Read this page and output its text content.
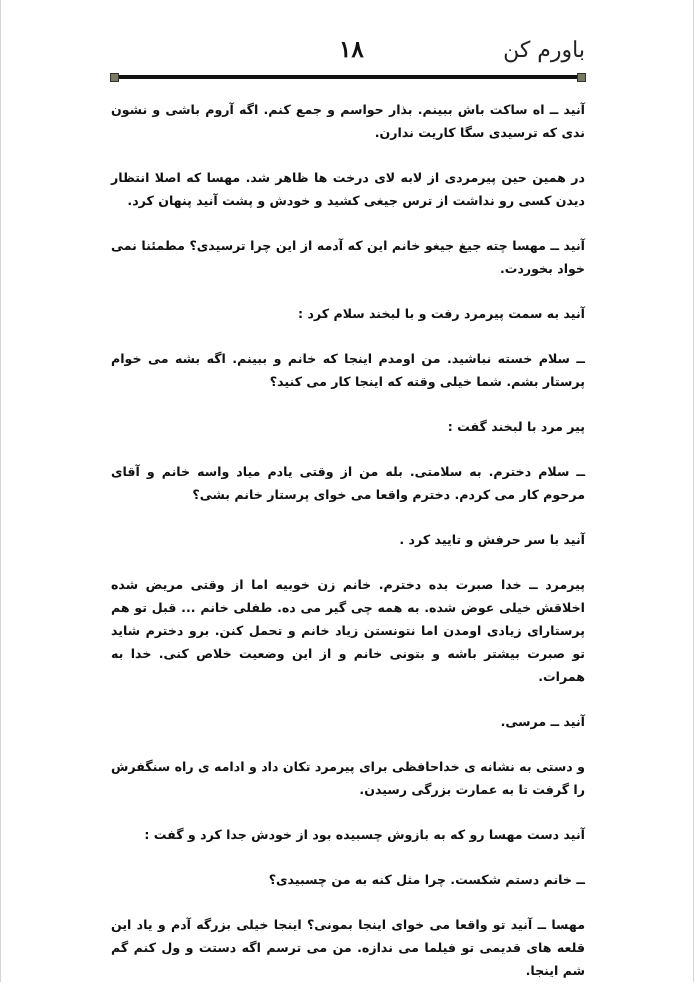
باورم کن
۱۸

آنید ــ اه ساکت باش ببینم. بذار حواسم و جمع کنم. اگه آروم باشی و نشون ندی که ترسیدی سگا کاریت ندارن.

در همین حین پیرمردی از لابه لای درخت ها ظاهر شد. مهسا که اصلا انتظار دیدن کسی رو نداشت از ترس جیغی کشید و خودش و پشت آنید پنهان کرد.

آنید ــ مهسا چته جیغ جیغو خانم این که آدمه از این چرا ترسیدی؟ مطمئنا نمی خواد بخوردت.

آنید به سمت پیرمرد رفت و با لبخند سلام کرد :

ــ سلام خسته نباشید. من اومدم اینجا که خانم و ببینم. اگه بشه می خوام پرستار بشم. شما خیلی وقته که اینجا کار می کنید؟

پیر مرد با لبخند گفت :

ــ سلام دخترم. به سلامتی. بله من از وقتی یادم میاد واسه خانم و آقای مرحوم کار می کردم. دخترم واقعا می خوای پرستار خانم بشی؟

آنید با سر حرفش و تایید کرد .

پیرمرد ــ خدا صبرت بده دخترم. خانم زن خوبیه اما از وقتی مریض شده اخلاقش خیلی عوض شده. به همه چی گیر می ده. طفلی خانم ... قبل تو هم پرستارای زیادی اومدن اما نتونستن زیاد خانم و تحمل کنن. برو دخترم شاید تو صبرت بیشتر باشه و بتونی خانم و از این وضعیت خلاص کنی. خدا به همرات.

آنید ــ مرسی.

و دستی به نشانه ی خداحافظی برای پیرمرد تکان داد و ادامه ی راه سنگفرش را گرفت تا به عمارت بزرگی رسیدن.

آنید دست مهسا رو که به بازوش چسبیده بود از خودش جدا کرد و گفت :

ــ خانم دستم شکست. چرا مثل کنه به من چسبیدی؟

مهسا ــ آنید تو واقعا می خوای اینجا بمونی؟ اینجا خیلی بزرگه آدم و یاد این قلعه های قدیمی تو فیلما می ندازه. من می ترسم اگه دستت و ول کنم گم شم اینجا.
